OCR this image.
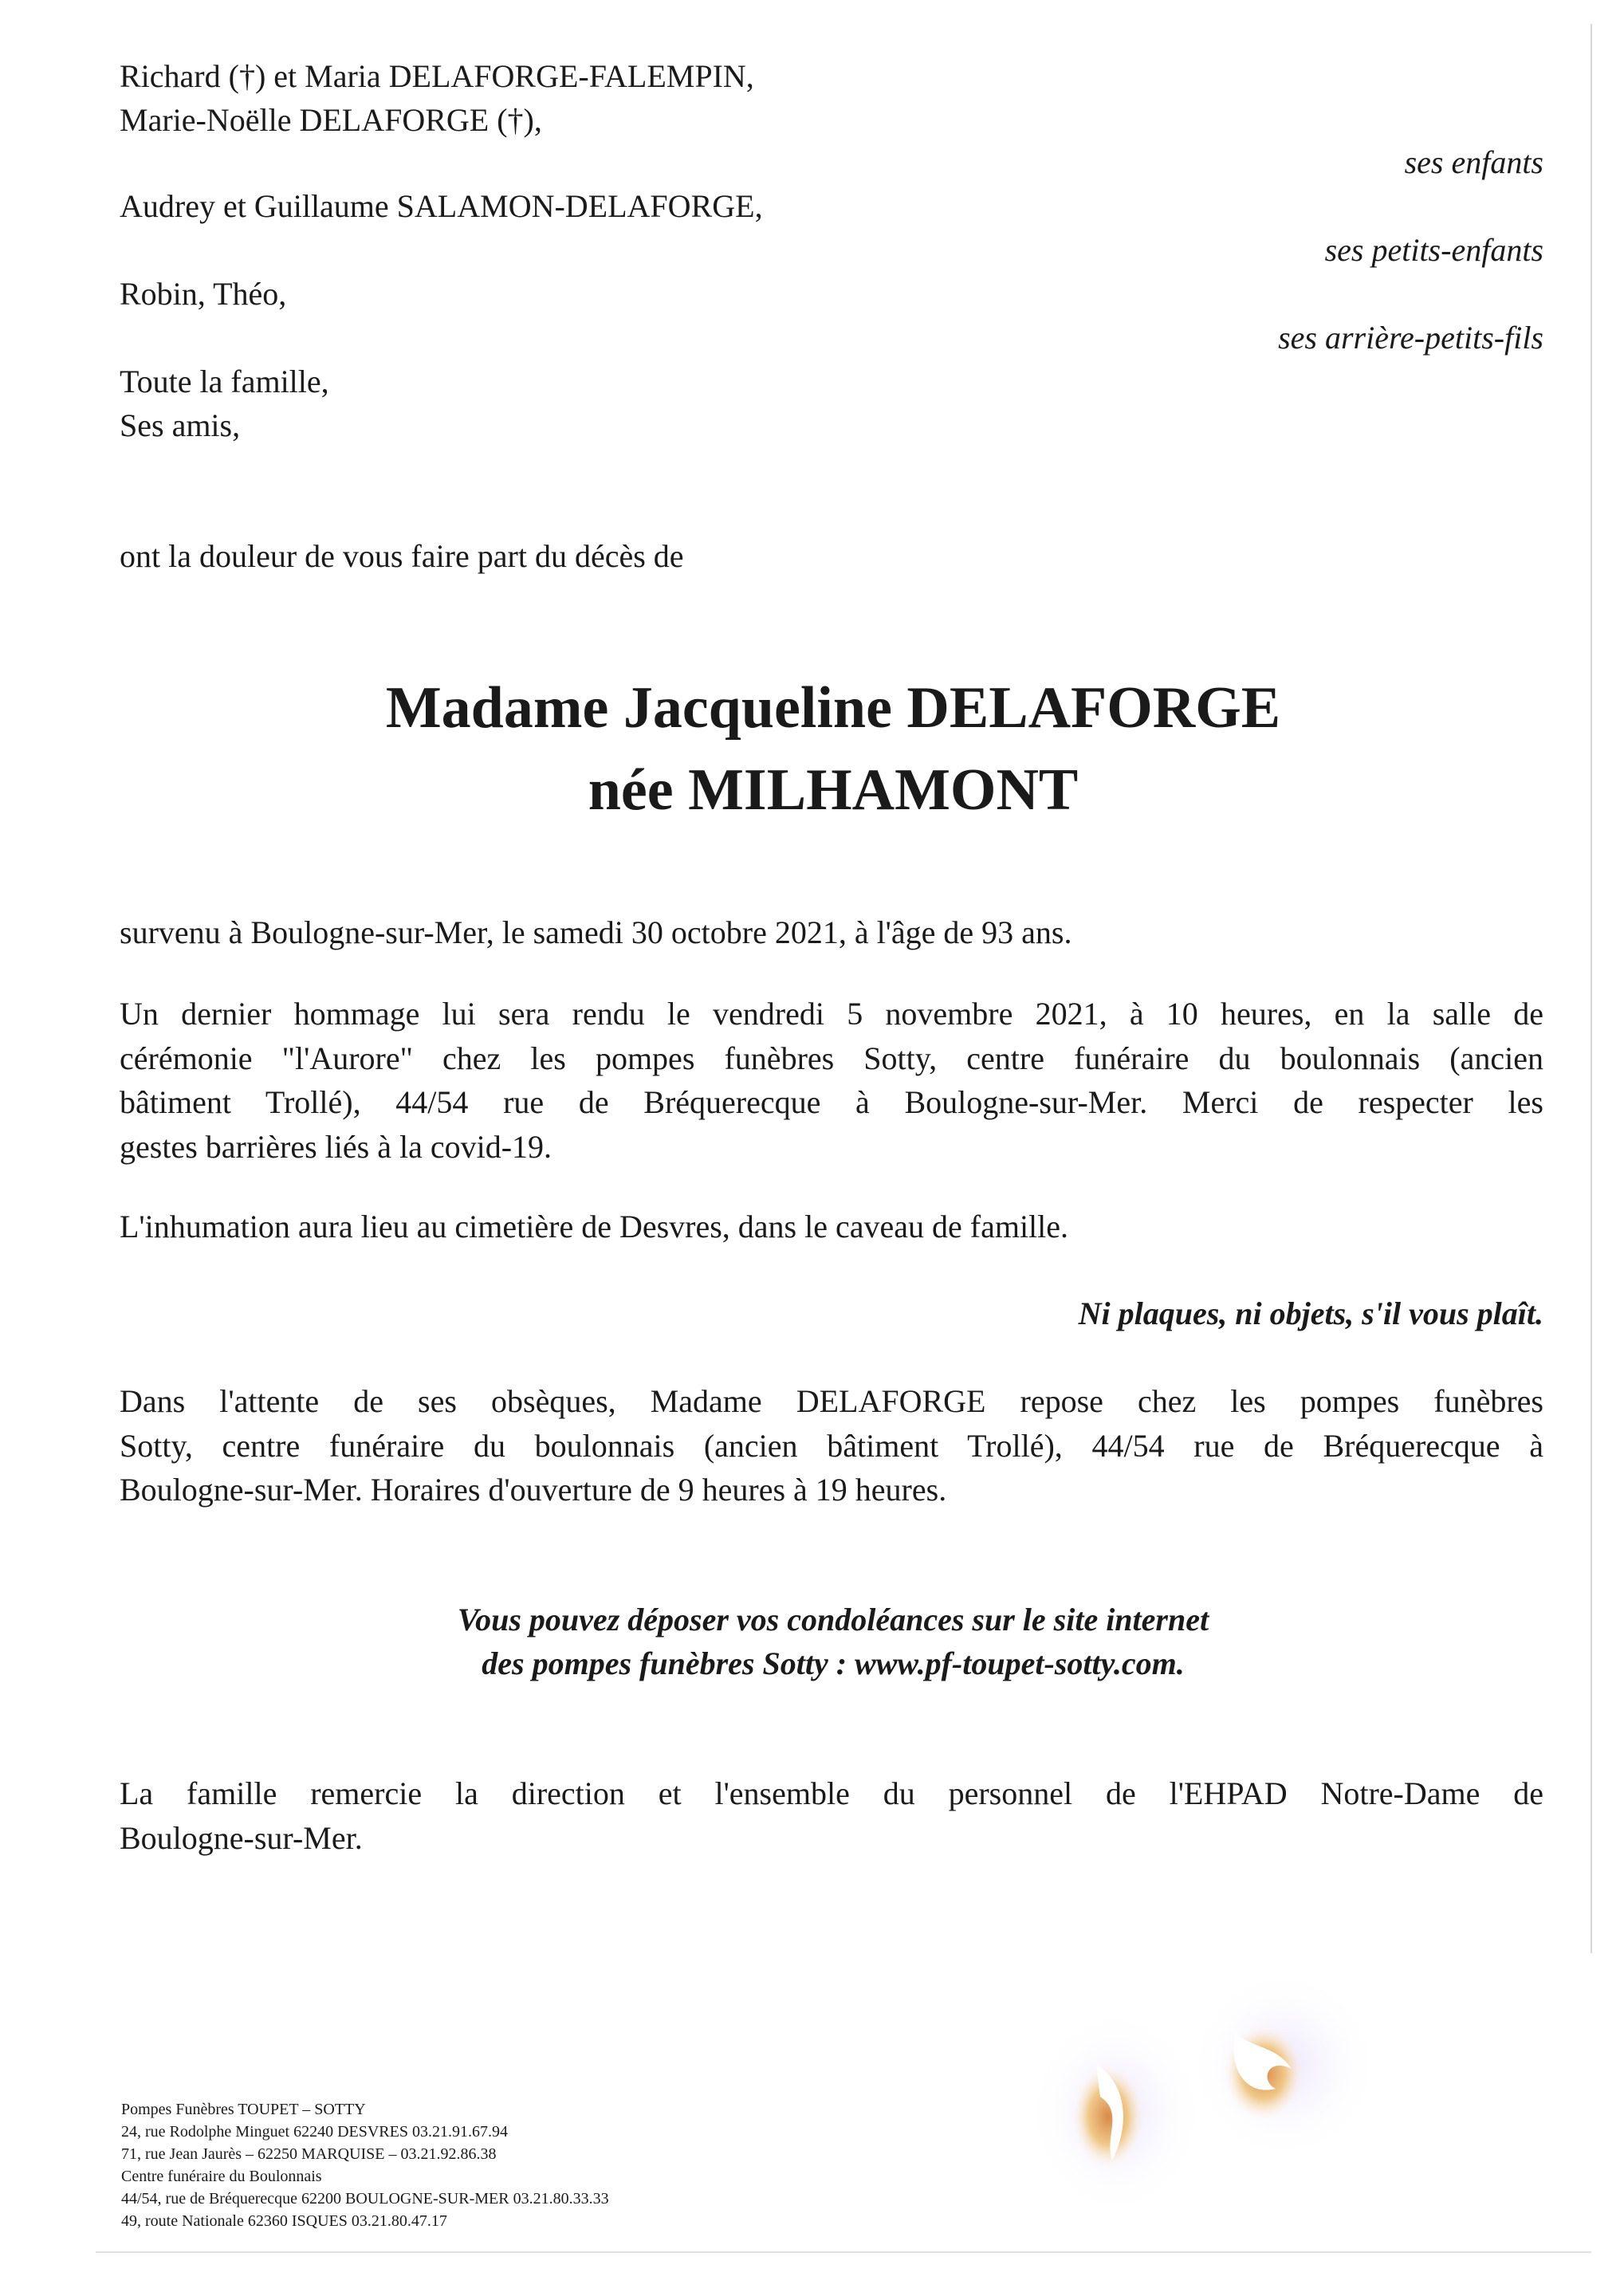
Richard (†) et Maria DELAFORGE-FALEMPIN,
Marie-Noëlle DELAFORGE (†),
ses enfants
Audrey et Guillaume SALAMON-DELAFORGE,
ses petits-enfants
Robin, Théo,
ses arrière-petits-fils
Toute la famille,
Ses amis,
ont la douleur de vous faire part du décès de
Madame Jacqueline DELAFORGE
née MILHAMONT
survenu à Boulogne-sur-Mer, le samedi 30 octobre 2021, à l'âge de 93 ans.
Un dernier hommage lui sera rendu le vendredi 5 novembre 2021, à 10 heures, en la salle de
cérémonie "l'Aurore" chez les pompes funèbres Sotty, centre funéraire du boulonnais (ancien
bâtiment Trollé), 44/54 rue de Bréquerecque à Boulogne-sur-Mer. Merci de respecter les
gestes barrières liés à la covid-19.
L'inhumation aura lieu au cimetière de Desvres, dans le caveau de famille.
Ni plaques, ni objets, s'il vous plaît.
Dans l'attente de ses obsèques, Madame DELAFORGE repose chez les pompes funèbres
Sotty, centre funéraire du boulonnais (ancien bâtiment Trollé), 44/54 rue de Bréquerecque à
Boulogne-sur-Mer. Horaires d'ouverture de 9 heures à 19 heures.
Vous pouvez déposer vos condoléances sur le site internet
des pompes funèbres Sotty : www.pf-toupet-sotty.com.
La famille remercie la direction et l'ensemble du personnel de l'EHPAD Notre-Dame de
Boulogne-sur-Mer.
Pompes Funèbres TOUPET – SOTTY
24, rue Rodolphe Minguet 62240 DESVRES 03.21.91.67.94
71, rue Jean Jaurès – 62250 MARQUISE – 03.21.92.86.38
Centre funéraire du Boulonnais
44/54, rue de Bréquerecque 62200 BOULOGNE-SUR-MER 03.21.80.33.33
49, route Nationale 62360 ISQUES 03.21.80.47.17
